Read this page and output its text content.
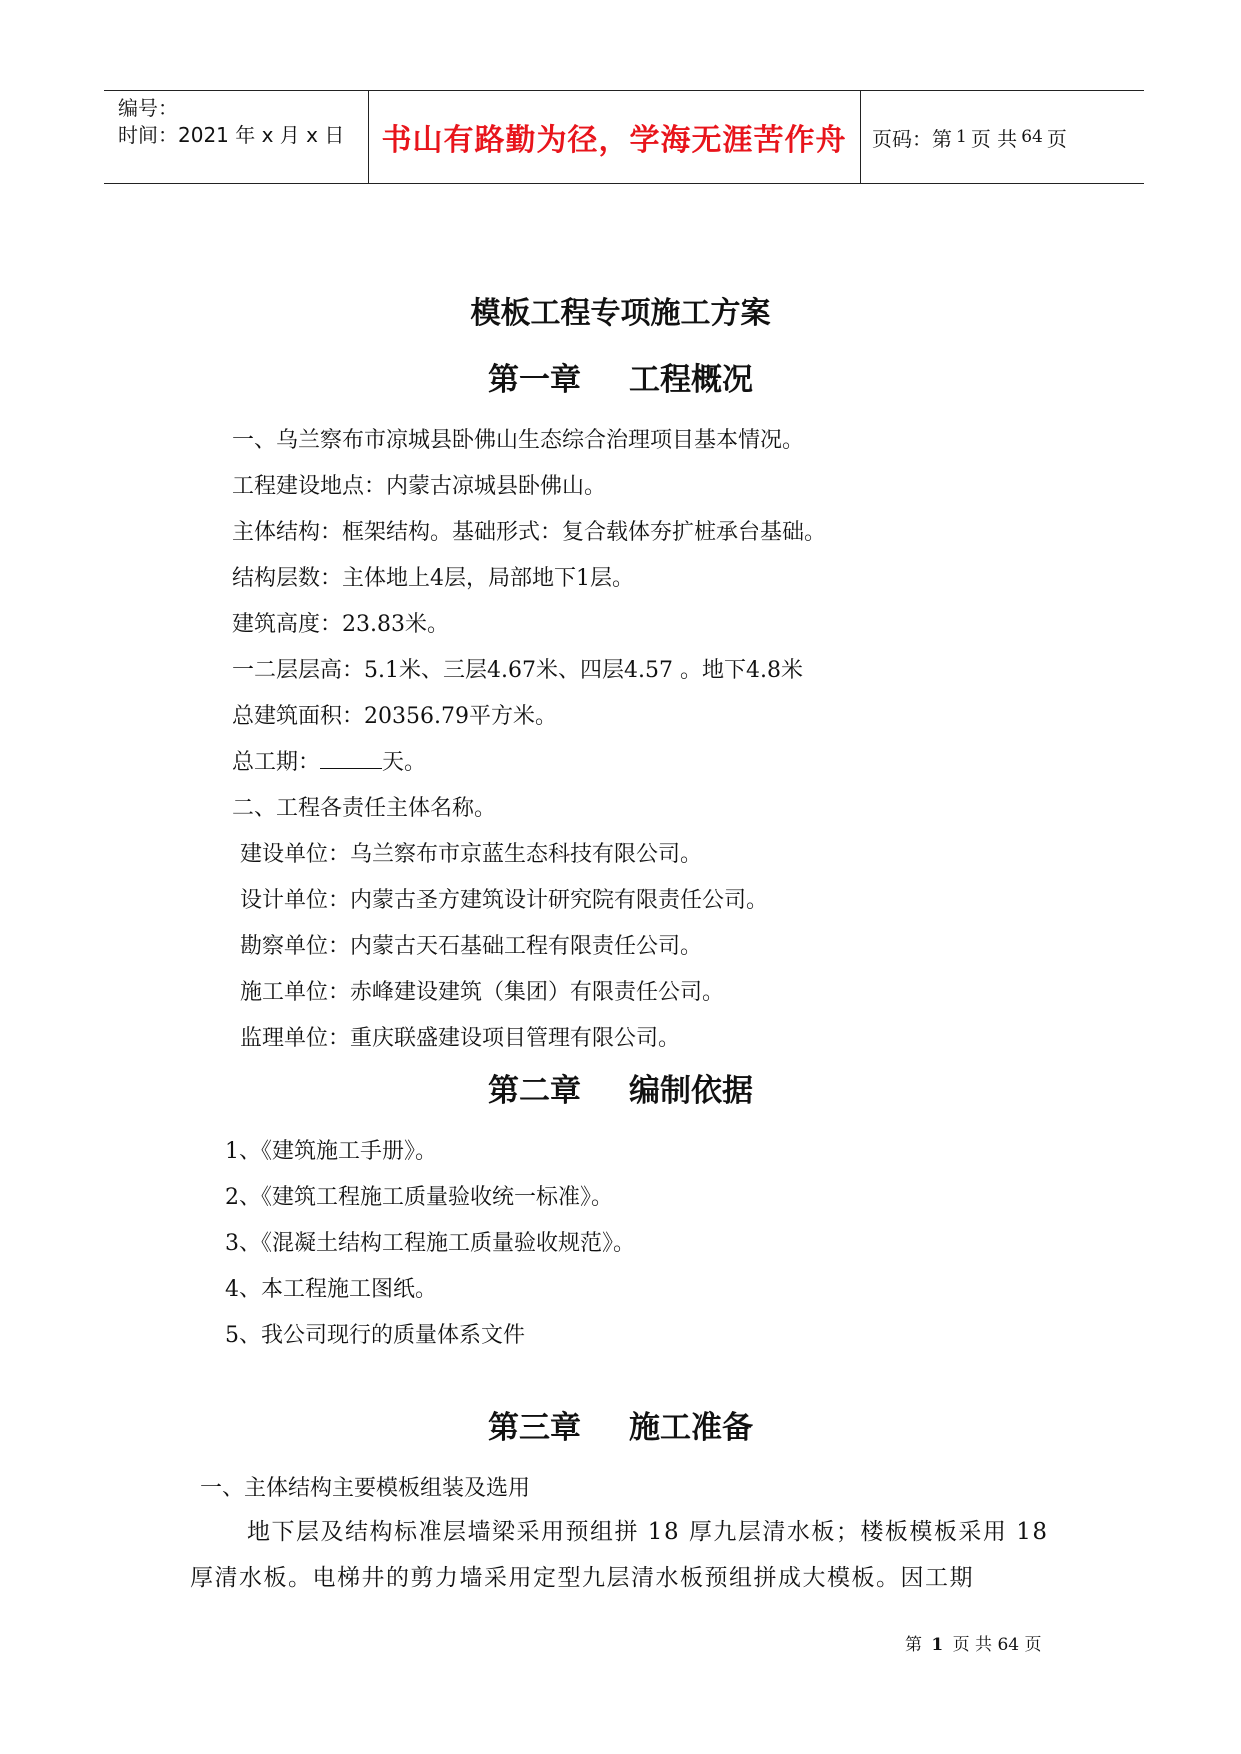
编号：
时间：2021 年 x 月 x 日	书山有路勤为径，学海无涯苦作舟	页码：第 1 页 共 64 页
模板工程专项施工方案
第一章 工程概况
一、乌兰察布市凉城县卧佛山生态综合治理项目基本情况。
工程建设地点：内蒙古凉城县卧佛山。
主体结构：框架结构。基础形式：复合载体夯扩桩承台基础。
结构层数：主体地上4层，局部地下1层。
建筑高度：23.83米。
一二层层高：5.1米、三层4.67米、四层4.57 。地下4.8米
总建筑面积：20356.79平方米。
总工期：	天。
二、工程各责任主体名称。
建设单位：乌兰察布市京蓝生态科技有限公司。
设计单位：内蒙古圣方建筑设计研究院有限责任公司。
勘察单位：内蒙古天石基础工程有限责任公司。
施工单位：赤峰建设建筑（集团）有限责任公司。
监理单位：重庆联盛建设项目管理有限公司。
第二章 编制依据
1、《建筑施工手册》。
2、《建筑工程施工质量验收统一标准》。
3、《混凝土结构工程施工质量验收规范》。
4、本工程施工图纸。
5、我公司现行的质量体系文件
第三章 施工准备
一、主体结构主要模板组装及选用
地下层及结构标准层墙梁采用预组拼 18 厚九层清水板；楼板模板采用 18 厚清水板。电梯井的剪力墙采用定型九层清水板预组拼成大模板。因工期
第 1 页 共 64 页
